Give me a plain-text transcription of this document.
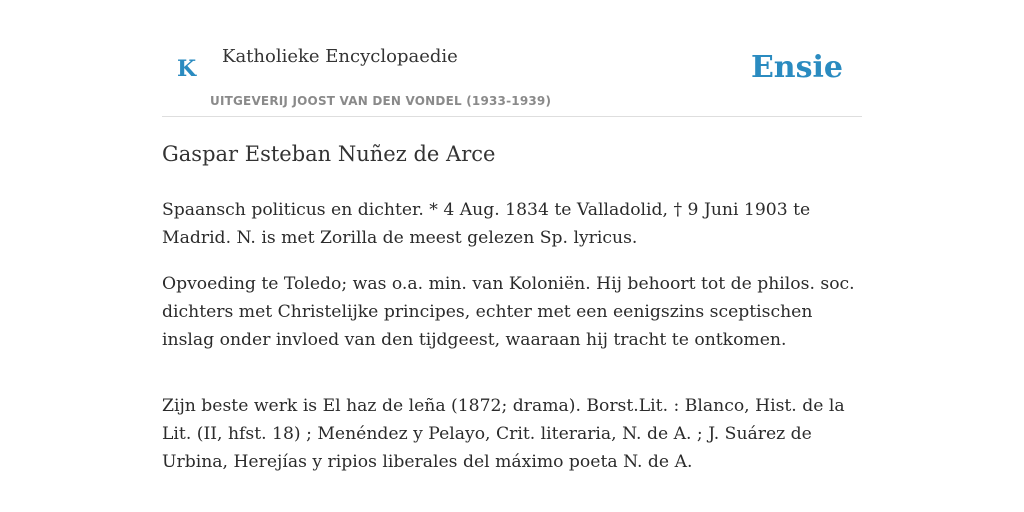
K Katholieke Encyclopaedie
UITGEVERIJ JOOST VAN DEN VONDEL (1933-1939)
Ensie
Gaspar Esteban Nuñez de Arce

Spaansch politicus en dichter. * 4 Aug. 1834 te Valladolid, † 9 Juni 1903 te Madrid. N. is met Zorilla de meest gelezen Sp. lyricus.

Opvoeding te Toledo; was o.a. min. van Koloniën. Hij behoort tot de philos. soc. dichters met Christelijke principes, echter met een eenigszins sceptischen inslag onder invloed van den tijdgeest, waaraan hij tracht te ontkomen.

Zijn beste werk is El haz de leña (1872; drama). Borst.Lit. : Blanco, Hist. de la Lit. (II, hfst. 18) ; Menéndez y Pelayo, Crit. literaria, N. de A. ; J. Suárez de Urbina, Herejías y ripios liberales del máximo poeta N. de A.
